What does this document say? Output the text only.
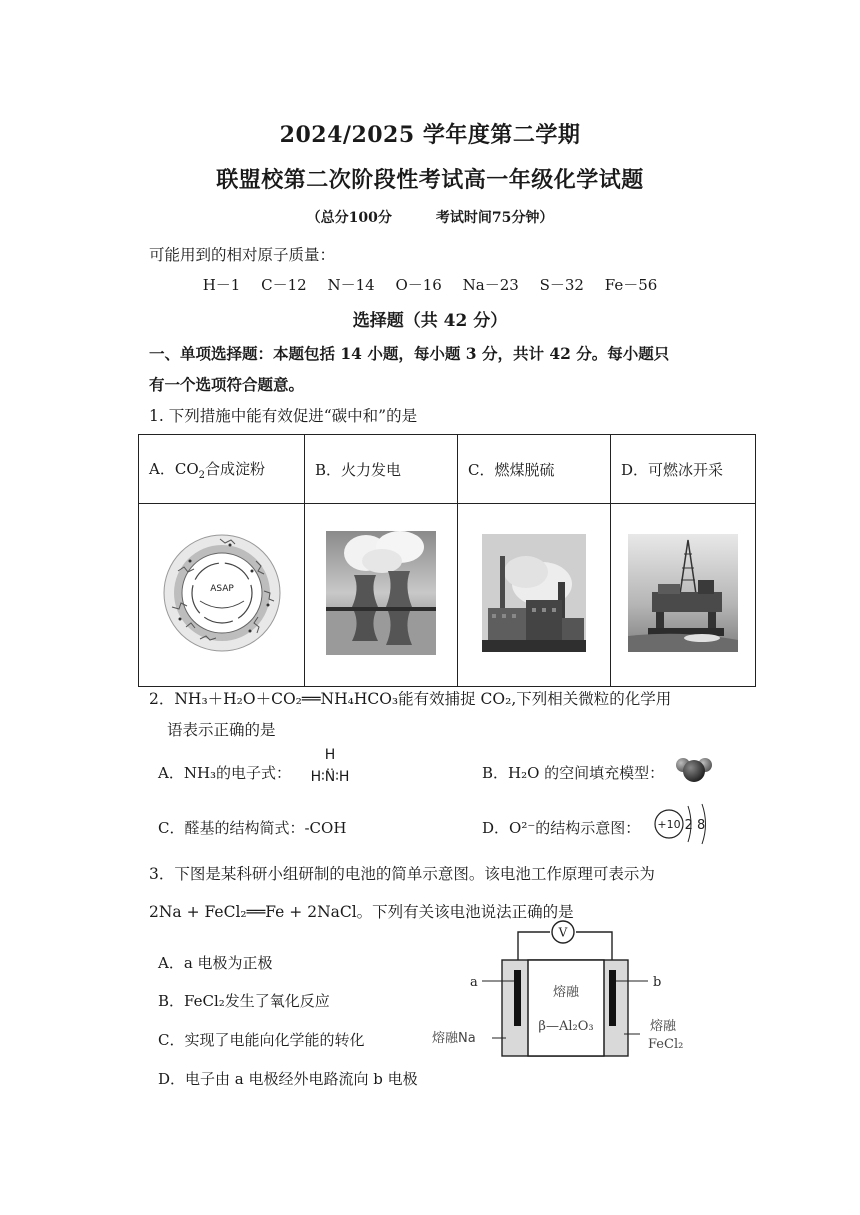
2024/2025 学年度第二学期
联盟校第二次阶段性考试高一年级化学试题
（总分100分	考试时间75分钟）
可能用到的相对原子质量：
H－1 C－12 N－14 O－16 Na－23 S－32 Fe－56
选择题（共 42 分）
一、单项选择题：本题包括 14 小题，每小题 3 分，共计 42 分。每小题只
有一个选项符合题意。
1. 下列措施中能有效促进“碳中和”的是
A．$CO_2$合成淀粉	B．火力发电	C．燃煤脱硫	D．可燃冰开采

ASAP

2．NH₃＋H₂O＋CO₂══NH₄HCO₃能有效捕捉 CO₂,下列相关微粒的化学用
语表示正确的是
A．NH₃的电子式：
H
‥
H∶N∶H	B．H₂O 的空间填充模型：
C．醛基的结构简式：-COH	D．O²⁻的结构示意图： +10 2 8
3．下图是某科研小组研制的电池的简单示意图。该电池工作原理可表示为
2Na + FeCl₂══Fe + 2NaCl。下列有关该电池说法正确的是
A．a 电极为正极
B．FeCl₂发生了氧化反应
C．实现了电能向化学能的转化
D．电子由 a 电极经外电路流向 b 电极
V
a	b
熔融
β—Al₂O₃
熔融Na
熔融
FeCl₂
